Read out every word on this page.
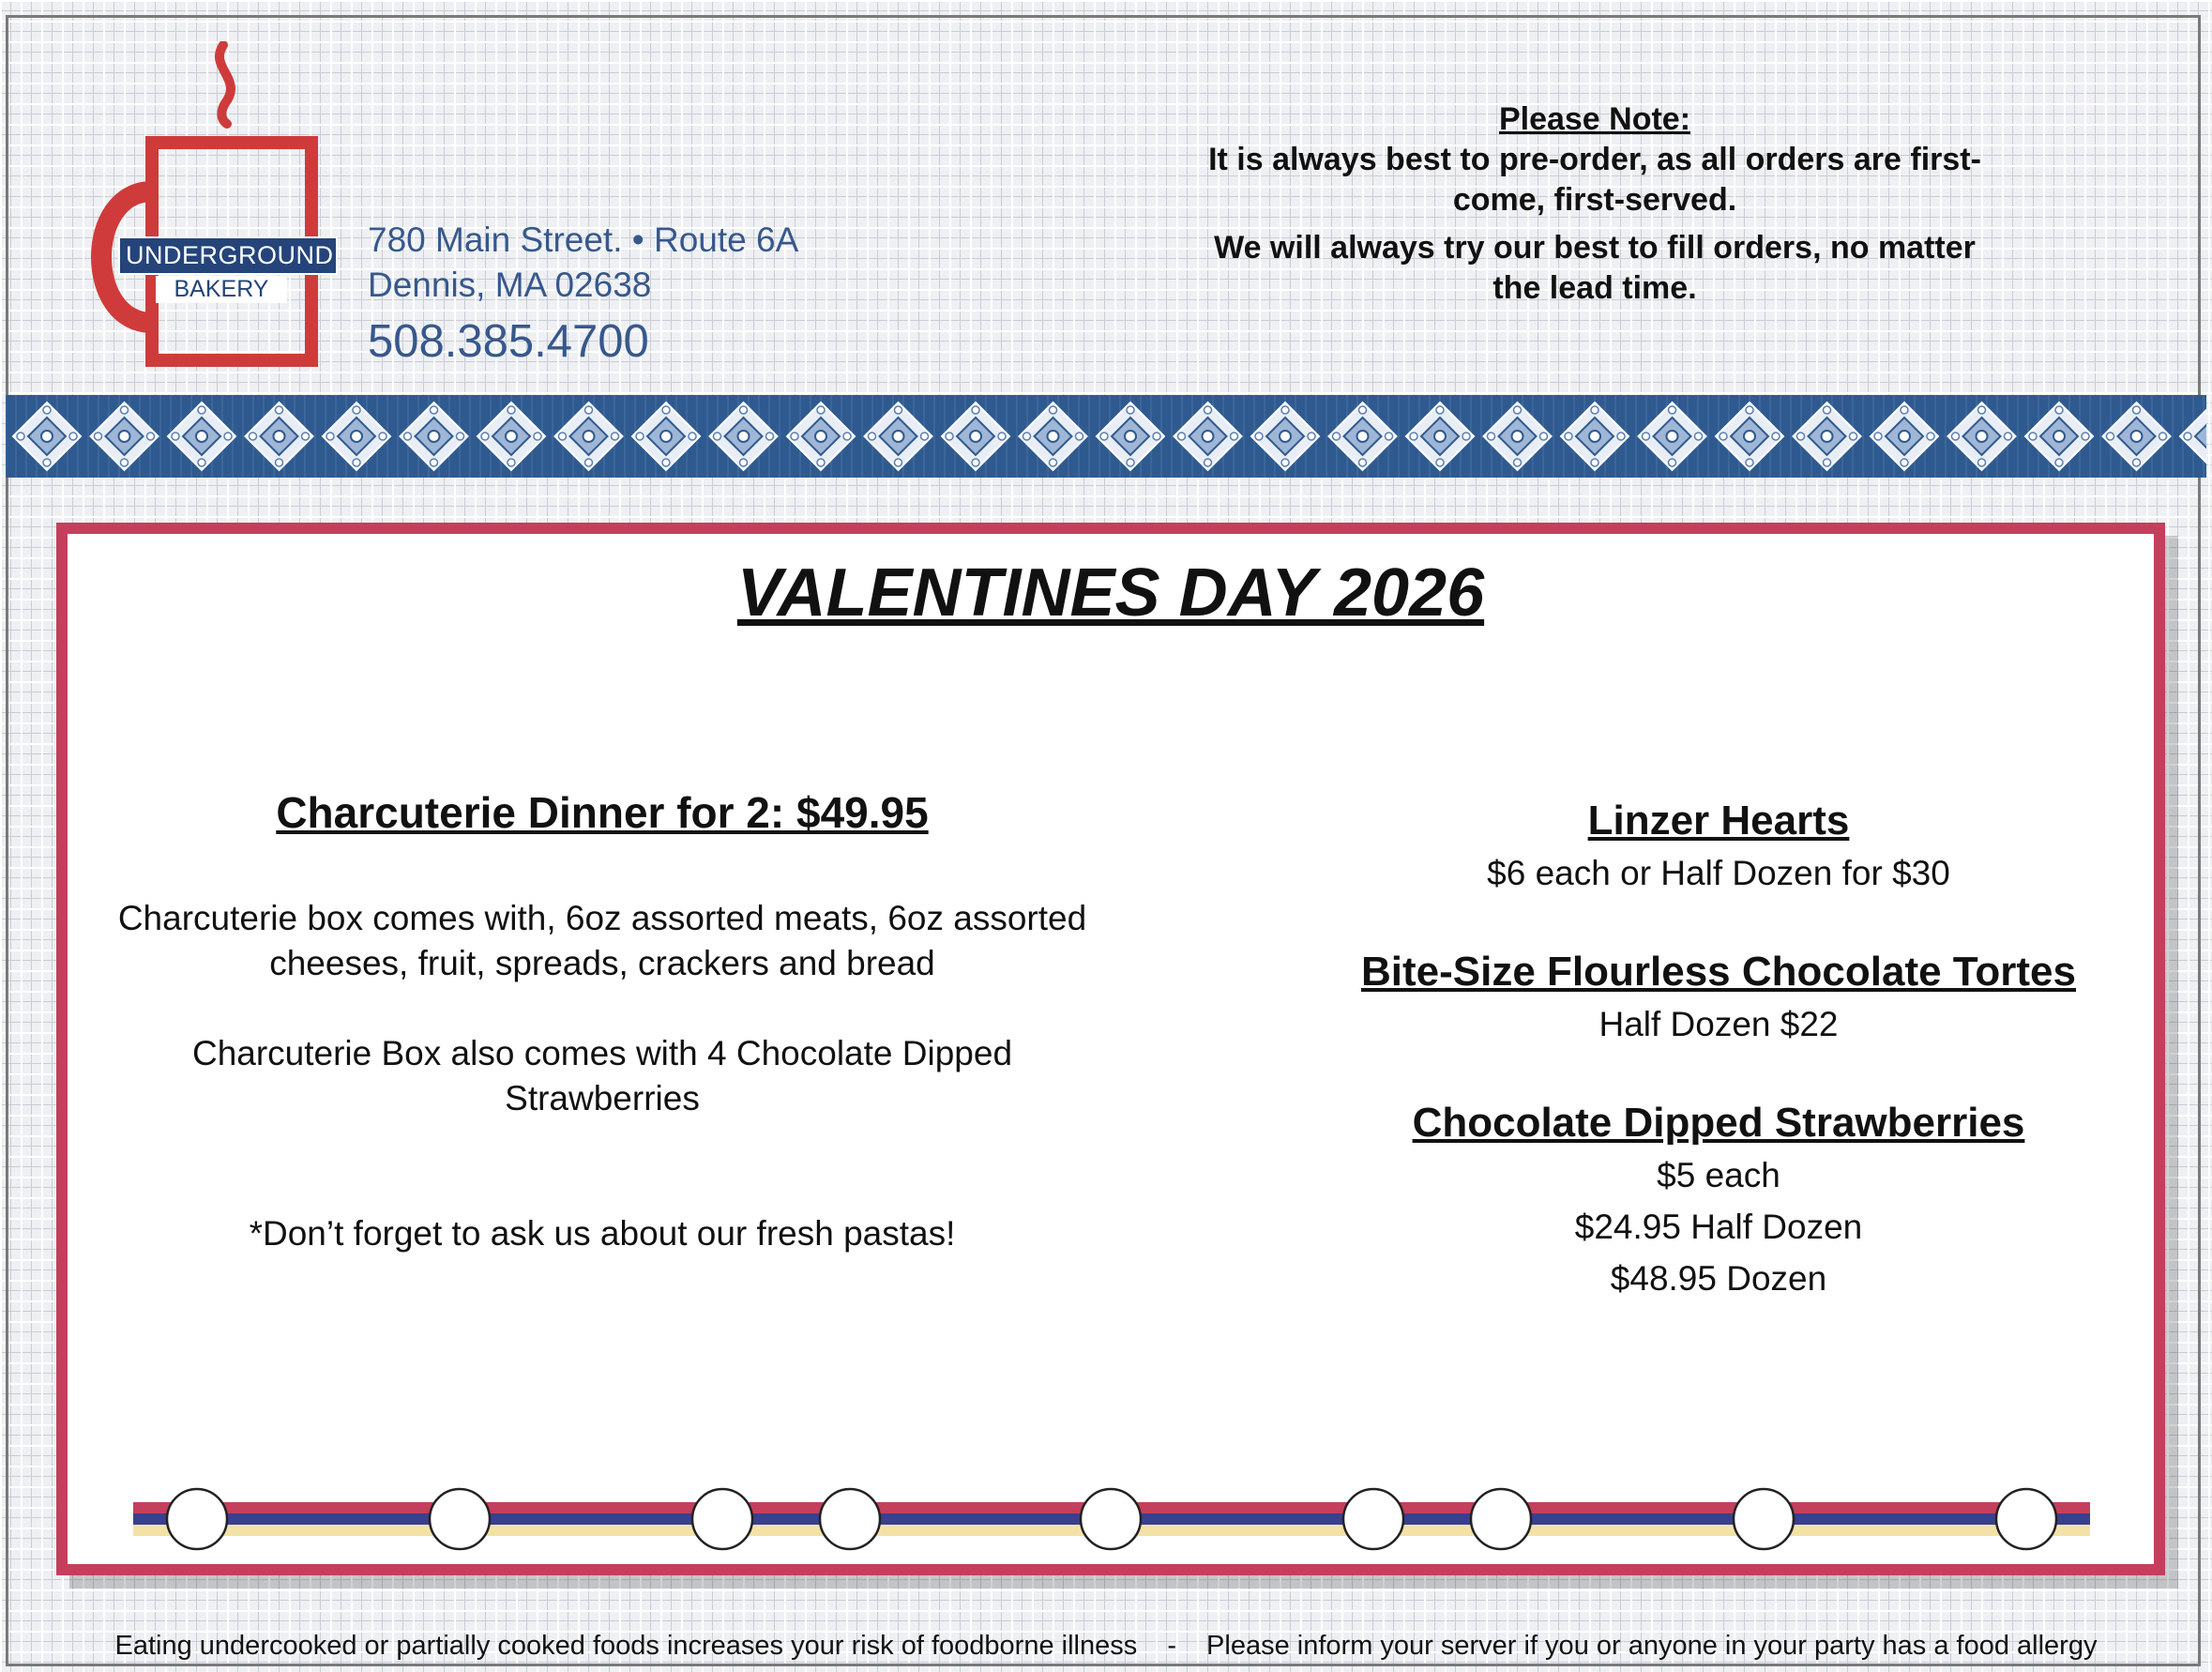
UNDERGROUND
BAKERY
780 Main Street. • Route 6A
Dennis, MA 02638
508.385.4700
Please Note:
It is always best to pre-order, as all orders are first-come, first-served.
We will always try our best to fill orders, no matter the lead time.
VALENTINES DAY 2026
Charcuterie Dinner for 2: $49.95
Charcuterie box comes with, 6oz assorted meats, 6oz assorted cheeses, fruit, spreads, crackers and bread
Charcuterie Box also comes with 4 Chocolate Dipped Strawberries
*Don’t forget to ask us about our fresh pastas!
Linzer Hearts
$6 each or Half Dozen for $30
Bite-Size Flourless Chocolate Tortes
Half Dozen $22
Chocolate Dipped Strawberries
$5 each
$24.95 Half Dozen
$48.95 Dozen
Eating undercooked or partially cooked foods increases your risk of foodborne illness - Please inform your server if you or anyone in your party has a food allergy
